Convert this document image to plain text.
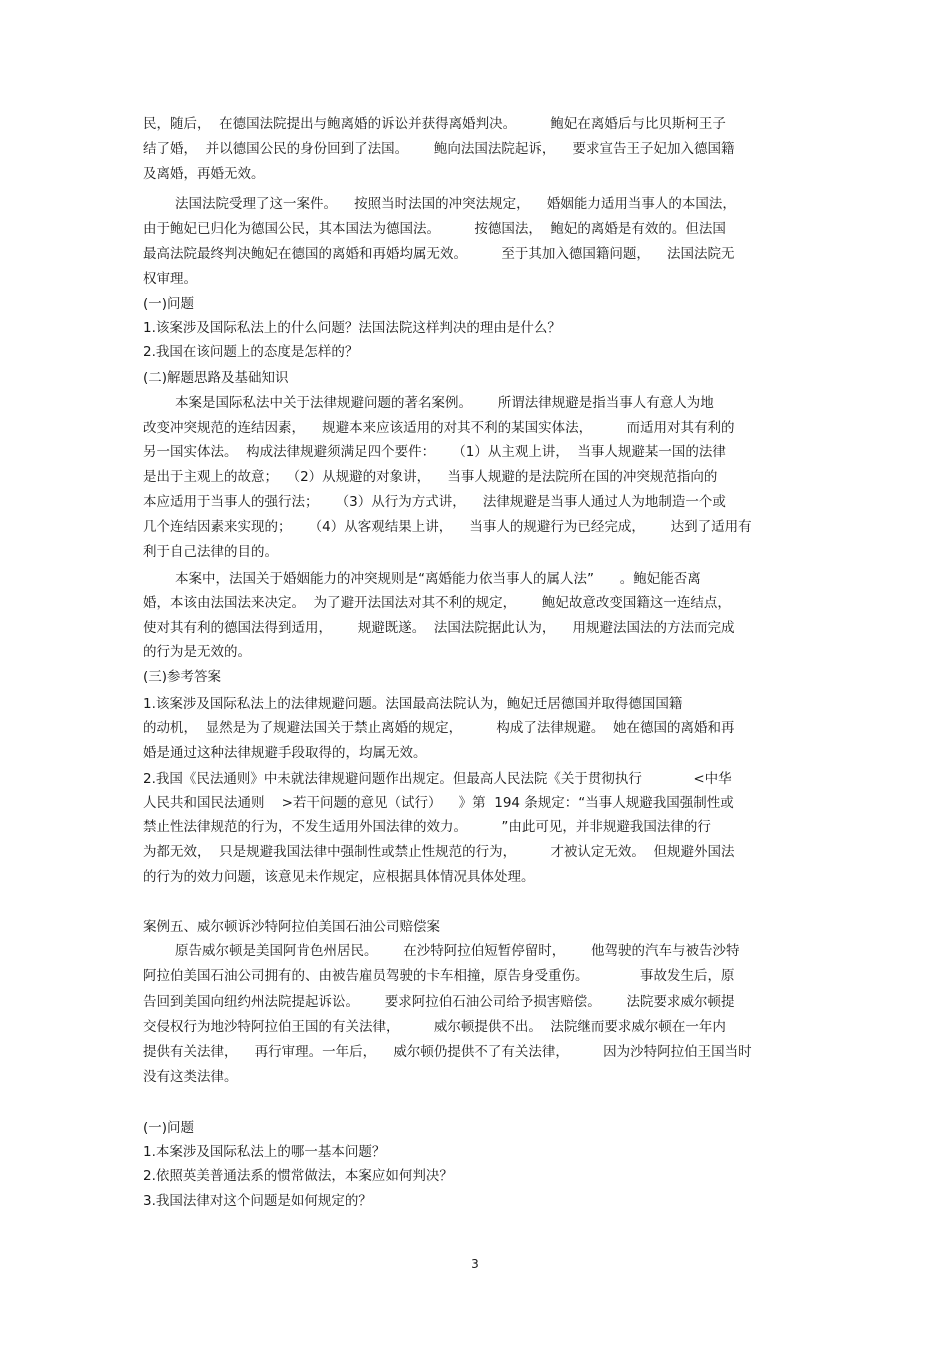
民，随后，  在德国法院提出与鲍离婚的诉讼并获得离婚判决。        鲍妃在离婚后与比贝斯柯王子
结了婚，  并以德国公民的身份回到了法国。      鲍向法国法院起诉，    要求宣告王子妃加入德国籍
及离婚，再婚无效。
法国法院受理了这一案件。    按照当时法国的冲突法规定，    婚姻能力适用当事人的本国法，
由于鲍妃已归化为德国公民，其本国法为德国法。        按德国法，  鲍妃的离婚是有效的。但法国
最高法院最终判决鲍妃在德国的离婚和再婚均属无效。        至于其加入德国籍问题，    法国法院无
权审理。
(一)问题
1.该案涉及国际私法上的什么问题？法国法院这样判决的理由是什么？
2.我国在该问题上的态度是怎样的？
(二)解题思路及基础知识
本案是国际私法中关于法律规避问题的著名案例。      所谓法律规避是指当事人有意人为地
改变冲突规范的连结因素，    规避本来应该适用的对其不利的某国实体法，        而适用对其有利的
另一国实体法。  构成法律规避须满足四个要件：    （1）从主观上讲，  当事人规避某一国的法律
是出于主观上的故意；  （2）从规避的对象讲，    当事人规避的是法院所在国的冲突规范指向的
本应适用于当事人的强行法；    （3）从行为方式讲，    法律规避是当事人通过人为地制造一个或
几个连结因素来实现的；    （4）从客观结果上讲，    当事人的规避行为已经完成，      达到了适用有
利于自己法律的目的。
本案中，法国关于婚姻能力的冲突规则是“离婚能力依当事人的属人法”      。鲍妃能否离
婚，本该由法国法来决定。  为了避开法国法对其不利的规定，      鲍妃故意改变国籍这一连结点，
使对其有利的德国法得到适用，      规避既遂。  法国法院据此认为，    用规避法国法的方法而完成
的行为是无效的。
(三)参考答案
1.该案涉及国际私法上的法律规避问题。法国最高法院认为，鲍妃迁居德国并取得德国国籍
的动机，  显然是为了规避法国关于禁止离婚的规定，        构成了法律规避。  她在德国的离婚和再
婚是通过这种法律规避手段取得的，均属无效。
2.我国《民法通则》中未就法律规避问题作出规定。但最高人民法院《关于贯彻执行            <中华
人民共和国民法通则    >若干问题的意见（试行）    》第  194 条规定：“当事人规避我国强制性或
禁止性法律规范的行为，不发生适用外国法律的效力。        ”由此可见，并非规避我国法律的行
为都无效，  只是规避我国法律中强制性或禁止性规范的行为，        才被认定无效。  但规避外国法
的行为的效力问题，该意见未作规定，应根据具体情况具体处理。
案例五、威尔顿诉沙特阿拉伯美国石油公司赔偿案
原告威尔顿是美国阿肯色州居民。      在沙特阿拉伯短暂停留时，      他驾驶的汽车与被告沙特
阿拉伯美国石油公司拥有的、由被告雇员驾驶的卡车相撞，原告身受重伤。            事故发生后，原
告回到美国向纽约州法院提起诉讼。      要求阿拉伯石油公司给予损害赔偿。      法院要求威尔顿提
交侵权行为地沙特阿拉伯王国的有关法律，        威尔顿提供不出。  法院继而要求威尔顿在一年内
提供有关法律，    再行审理。一年后，    威尔顿仍提供不了有关法律，        因为沙特阿拉伯王国当时
没有这类法律。
(一)问题
1.本案涉及国际私法上的哪一基本问题？
2.依照英美普通法系的惯常做法，本案应如何判决？
3.我国法律对这个问题是如何规定的？
3
